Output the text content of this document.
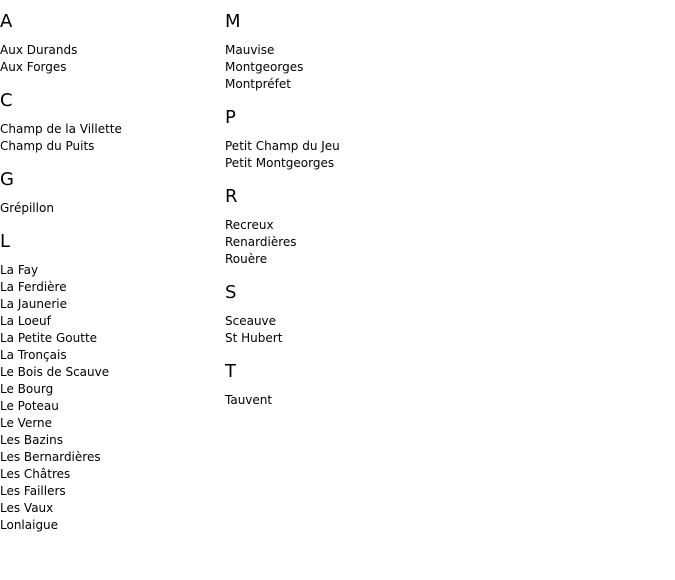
A
Aux Durands
Aux Forges
C
Champ de la Villette
Champ du Puits
G
Grépillon
L
La Fay
La Ferdière
La Jaunerie
La Loeuf
La Petite Goutte
La Tronçais
Le Bois de Scauve
Le Bourg
Le Poteau
Le Verne
Les Bazins
Les Bernardières
Les Châtres
Les Faillers
Les Vaux
Lonlaigue
M
Mauvise
Montgeorges
Montpréfet
P
Petit Champ du Jeu
Petit Montgeorges
R
Recreux
Renardières
Rouère
S
Sceauve
St Hubert
T
Tauvent
